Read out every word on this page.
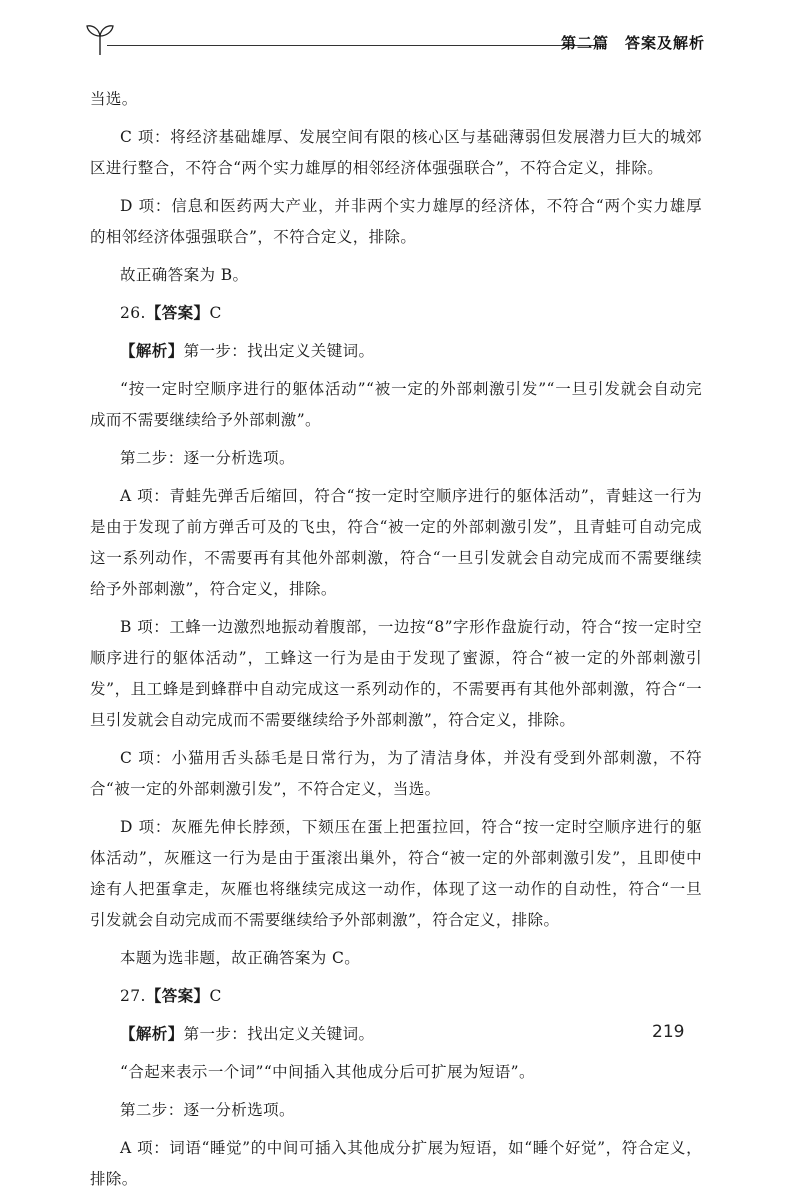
第二篇　答案及解析

当选。

C 项：将经济基础雄厚、发展空间有限的核心区与基础薄弱但发展潜力巨大的城郊区进行整合，不符合“两个实力雄厚的相邻经济体强强联合”，不符合定义，排除。

D 项：信息和医药两大产业，并非两个实力雄厚的经济体，不符合“两个实力雄厚的相邻经济体强强联合”，不符合定义，排除。

故正确答案为 B。

26.【答案】C

【解析】第一步：找出定义关键词。

“按一定时空顺序进行的躯体活动”“被一定的外部刺激引发”“一旦引发就会自动完成而不需要继续给予外部刺激”。

第二步：逐一分析选项。

A 项：青蛙先弹舌后缩回，符合“按一定时空顺序进行的躯体活动”，青蛙这一行为是由于发现了前方弹舌可及的飞虫，符合“被一定的外部刺激引发”，且青蛙可自动完成这一系列动作，不需要再有其他外部刺激，符合“一旦引发就会自动完成而不需要继续给予外部刺激”，符合定义，排除。

B 项：工蜂一边激烈地振动着腹部，一边按“8”字形作盘旋行动，符合“按一定时空顺序进行的躯体活动”，工蜂这一行为是由于发现了蜜源，符合“被一定的外部刺激引发”，且工蜂是到蜂群中自动完成这一系列动作的，不需要再有其他外部刺激，符合“一旦引发就会自动完成而不需要继续给予外部刺激”，符合定义，排除。

C 项：小猫用舌头舔毛是日常行为，为了清洁身体，并没有受到外部刺激，不符合“被一定的外部刺激引发”，不符合定义，当选。

D 项：灰雁先伸长脖颈，下颏压在蛋上把蛋拉回，符合“按一定时空顺序进行的躯体活动”，灰雁这一行为是由于蛋滚出巢外，符合“被一定的外部刺激引发”，且即使中途有人把蛋拿走，灰雁也将继续完成这一动作，体现了这一动作的自动性，符合“一旦引发就会自动完成而不需要继续给予外部刺激”，符合定义，排除。

本题为选非题，故正确答案为 C。

27.【答案】C

【解析】第一步：找出定义关键词。

“合起来表示一个词”“中间插入其他成分后可扩展为短语”。

第二步：逐一分析选项。

A 项：词语“睡觉”的中间可插入其他成分扩展为短语，如“睡个好觉”，符合定义，排除。

219
